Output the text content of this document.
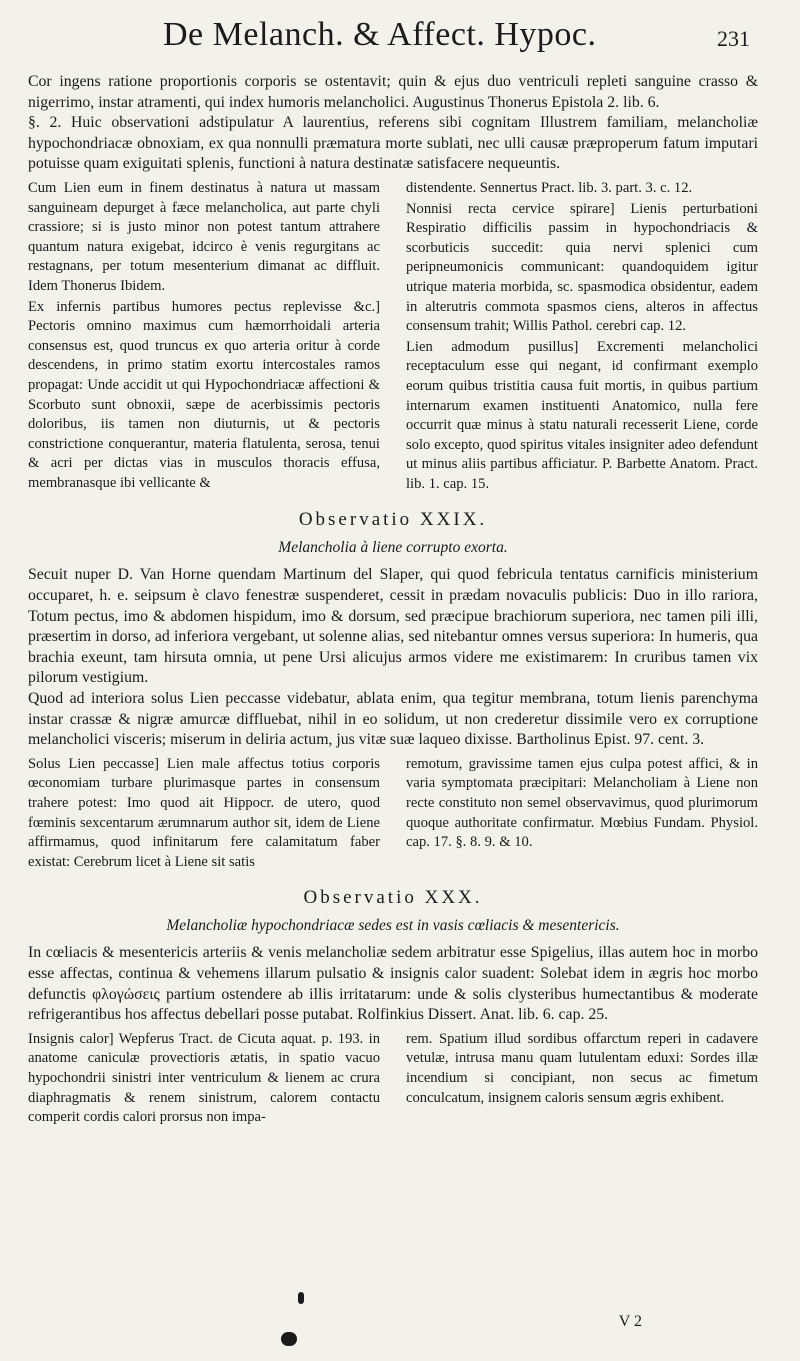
De Melanch. & Affect. Hypoc.	231

Cor ingens ratione proportionis corporis se ostentavit; quin & ejus duo ventriculi repleti sanguine crasso & nigerrimo, instar atramenti, qui index humoris melancholici. Augustinus Thonerus Epistola 2. lib. 6.

§. 2. Huic observationi adstipulatur A laurentius, referens sibi cognitam Illustrem familiam, melancholiæ hypochondriacæ obnoxiam, ex qua nonnulli præmatura morte sublati, nec ulli causæ præproperum fatum imputari potuisse quam exiguitati splenis, functioni à natura destinatæ satisfacere nequeuntis.

Cum Lien eum in finem destinatus à natura ut massam sanguineam depurget à fæce melancholica, aut parte chyli crassiore; si is justo minor non potest tantum attrahere quantum natura exigebat, idcirco è venis regurgitans ac restagnans, per totum mesenterium dimanat ac diffluit. Idem Thonerus Ibidem.

Ex infernis partibus humores pectus replevisse &c.] Pectoris omnino maximus cum hæmorrhoidali arteria consensus est, quod truncus ex quo arteria oritur à corde descendens, in primo statim exortu intercostales ramos propagat: Unde accidit ut qui Hypochondriacæ affectioni & Scorbuto sunt obnoxii, sæpe de acerbissimis pectoris doloribus, iis tamen non diuturnis, ut & pectoris constrictione conquerantur, materia flatulenta, serosa, tenui & acri per dictas vias in musculos thoracis effusa, membranasque ibi vellicante &

distendente. Sennertus Pract. lib. 3. part. 3. c. 12.

Nonnisi recta cervice spirare] Lienis perturbationi Respiratio difficilis passim in hypochondriacis & scorbuticis succedit: quia nervi splenici cum peripneumonicis communicant: quandoquidem igitur utrique materia morbida, sc. spasmodica obsidentur, eadem in alterutris commota spasmos ciens, alteros in affectus consensum trahit; Willis Pathol. cerebri cap. 12.

Lien admodum pusillus] Excrementi melancholici receptaculum esse qui negant, id confirmant exemplo eorum quibus tristitia causa fuit mortis, in quibus partium internarum examen instituenti Anatomico, nulla fere occurrit quæ minus à statu naturali recesserit Liene, corde solo excepto, quod spiritus vitales insigniter adeo defendunt ut minus aliis partibus afficiatur. P. Barbette Anatom. Pract. lib. 1. cap. 15.

Observatio XXIX.
Melancholia à liene corrupto exorta.

Secuit nuper D. Van Horne quendam Martinum del Slaper, qui quod febricula tentatus carnificis ministerium occuparet, h. e. seipsum è clavo fenestræ suspenderet, cessit in prædam novaculis publicis: Duo in illo rariora, Totum pectus, imo & abdomen hispidum, imo & dorsum, sed præcipue brachiorum superiora, nec tamen pili illi, præsertim in dorso, ad inferiora vergebant, ut solenne alias, sed nitebantur omnes versus superiora: In humeris, qua brachia exeunt, tam hirsuta omnia, ut pene Ursi alicujus armos videre me existimarem: In cruribus tamen vix pilorum vestigium.

Quod ad interiora solus Lien peccasse videbatur, ablata enim, qua tegitur membrana, totum lienis parenchyma instar crassæ & nigræ amurcæ diffluebat, nihil in eo solidum, ut non crederetur dissimile vero ex corruptione melancholici visceris; miserum in deliria actum, jus vitæ suæ laqueo dixisse. Bartholinus Epist. 97. cent. 3.

Solus Lien peccasse] Lien male affectus totius corporis œconomiam turbare plurimasque partes in consensum trahere potest: Imo quod ait Hippocr. de utero, quod fœminis sexcentarum ærumnarum author sit, idem de Liene affirmamus, quod infinitarum fere calamitatum faber existat: Cerebrum licet à Liene sit satis

remotum, gravissime tamen ejus culpa potest affici, & in varia symptomata præcipitari: Melancholiam à Liene non recte constituto non semel observavimus, quod plurimorum quoque authoritate confirmatur. Mœbius Fundam. Physiol. cap. 17. §. 8. 9. & 10.

Observatio XXX.
Melancholiæ hypochondriacæ sedes est in vasis cœliacis & mesentericis.

In cœliacis & mesentericis arteriis & venis melancholiæ sedem arbitratur esse Spigelius, illas autem hoc in morbo esse affectas, continua & vehemens illarum pulsatio & insignis calor suadent: Solebat idem in ægris hoc morbo defunctis φλογώσεις partium ostendere ab illis irritatarum: unde & solis clysteribus humectantibus & moderate refrigerantibus hos affectus debellari posse putabat. Rolfinkius Dissert. Anat. lib. 6. cap. 25.

Insignis calor] Wepferus Tract. de Cicuta aquat. p. 193. in anatome caniculæ provectioris ætatis, in spatio vacuo hypochondrii sinistri inter ventriculum & lienem ac crura diaphragmatis & renem sinistrum, calorem contactu comperit cordis calori prorsus non impa-

rem. Spatium illud sordibus offarctum reperi in cadavere vetulæ, intrusa manu quam lutulentam eduxi: Sordes illæ incendium si concipiant, non secus ac fimetum conculcatum, insignem caloris sensum ægris exhibent.

V 2
